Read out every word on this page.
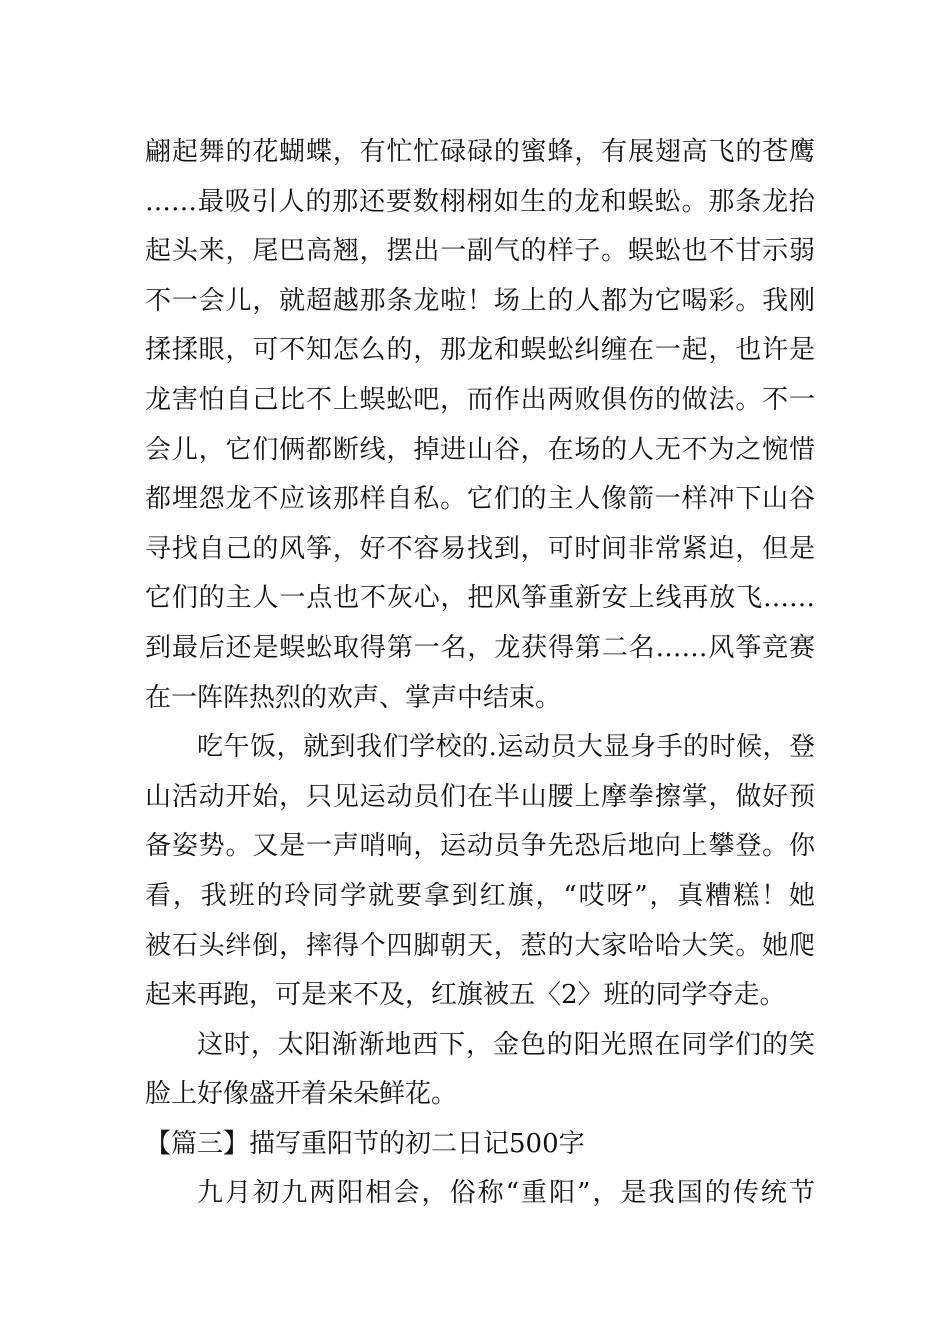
翩起舞的花蝴蝶，有忙忙碌碌的蜜蜂，有展翅高飞的苍鹰
……最吸引人的那还要数栩栩如生的龙和蜈蚣。那条龙抬
起头来，尾巴高翘，摆出一副气的样子。蜈蚣也不甘示弱
不一会儿，就超越那条龙啦！场上的人都为它喝彩。我刚
揉揉眼，可不知怎么的，那龙和蜈蚣纠缠在一起，也许是
龙害怕自己比不上蜈蚣吧，而作出两败俱伤的做法。不一
会儿，它们俩都断线，掉进山谷，在场的人无不为之惋惜
都埋怨龙不应该那样自私。它们的主人像箭一样冲下山谷
寻找自己的风筝，好不容易找到，可时间非常紧迫，但是
它们的主人一点也不灰心，把风筝重新安上线再放飞……
到最后还是蜈蚣取得第一名，龙获得第二名……风筝竞赛
在一阵阵热烈的欢声、掌声中结束。
吃午饭，就到我们学校的.运动员大显身手的时候，登
山活动开始，只见运动员们在半山腰上摩拳擦掌，做好预
备姿势。又是一声哨响，运动员争先恐后地向上攀登。你
看，我班的玲同学就要拿到红旗，“哎呀”，真糟糕！她
被石头绊倒，摔得个四脚朝天，惹的大家哈哈大笑。她爬
起来再跑，可是来不及，红旗被五〈2〉班的同学夺走。
这时，太阳渐渐地西下，金色的阳光照在同学们的笑
脸上好像盛开着朵朵鲜花。
【篇三】描写重阳节的初二日记500字
九月初九两阳相会，俗称“重阳”，是我国的传统节
